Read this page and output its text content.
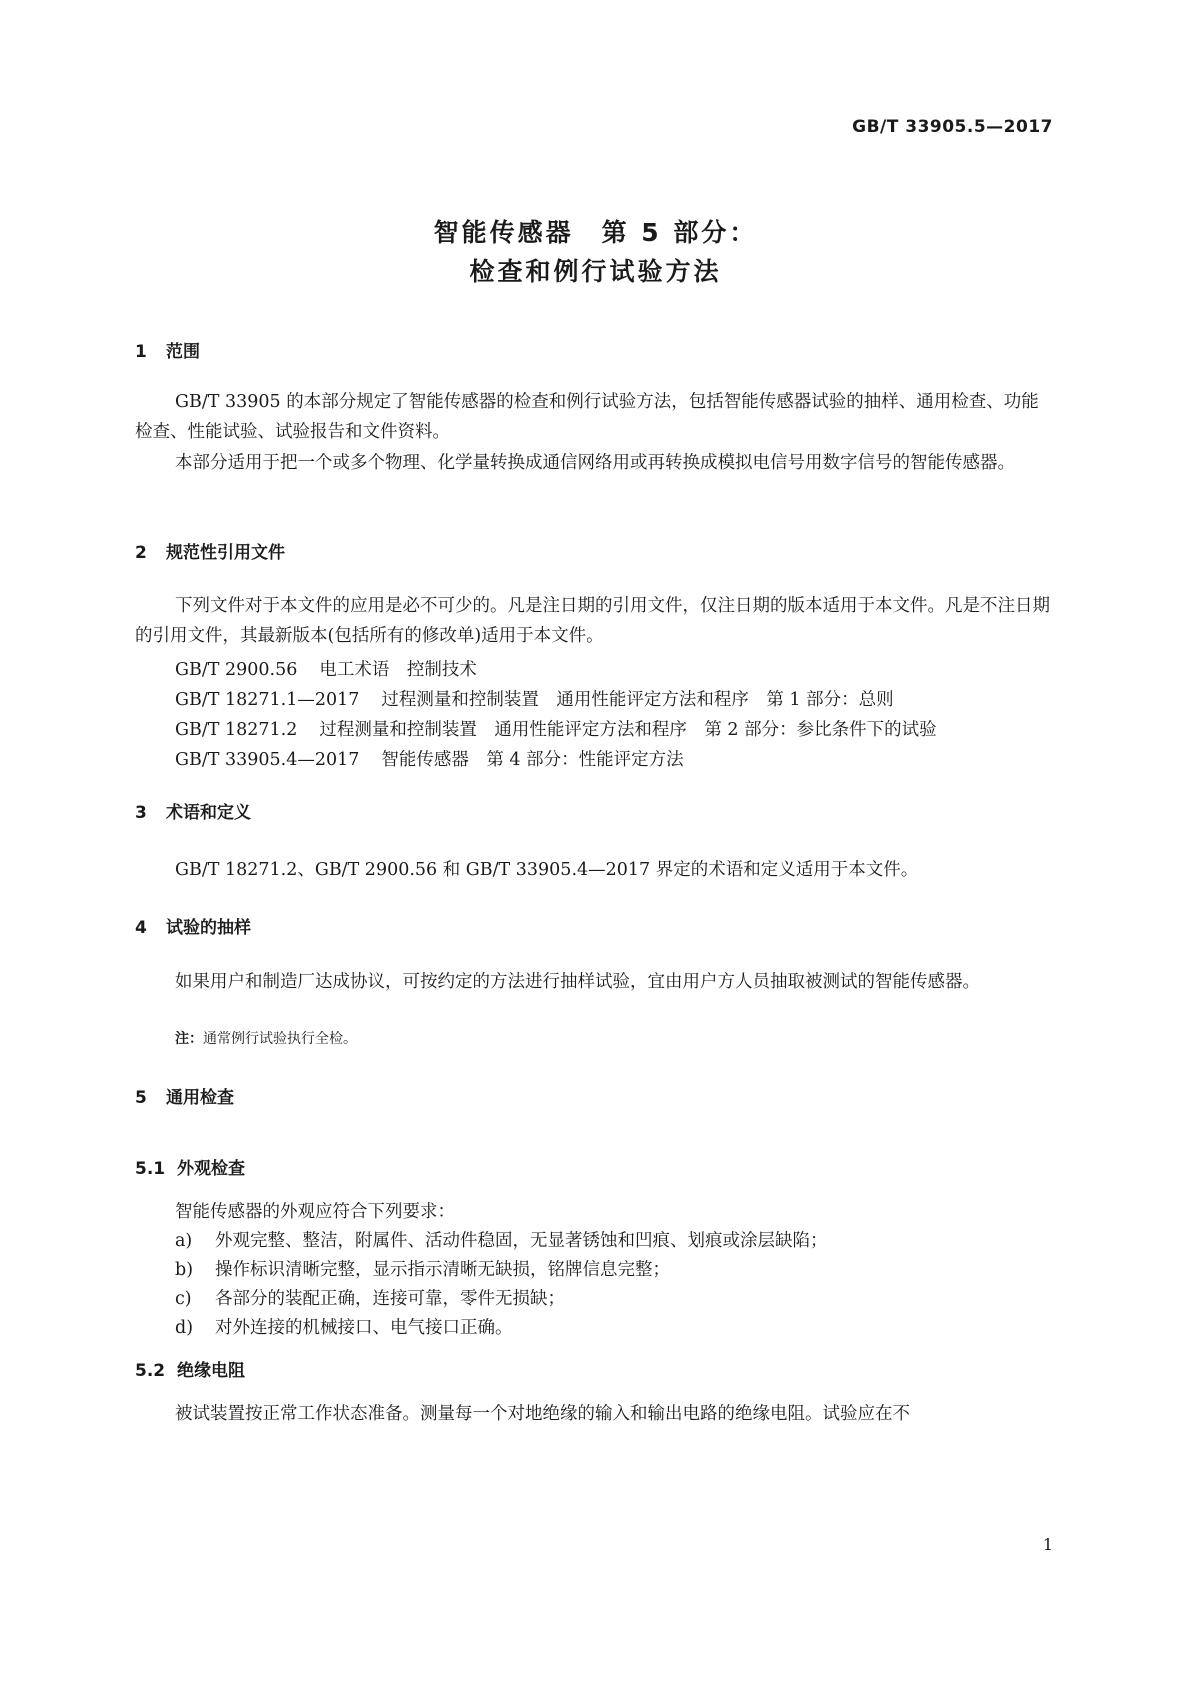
GB/T 33905.5—2017
智能传感器　第 5 部分：
检查和例行试验方法
1 范围
GB/T 33905 的本部分规定了智能传感器的检查和例行试验方法，包括智能传感器试验的抽样、通用检查、功能检查、性能试验、试验报告和文件资料。
本部分适用于把一个或多个物理、化学量转换成通信网络用或再转换成模拟电信号用数字信号的智能传感器。
2 规范性引用文件
下列文件对于本文件的应用是必不可少的。凡是注日期的引用文件，仅注日期的版本适用于本文件。凡是不注日期的引用文件，其最新版本(包括所有的修改单)适用于本文件。
GB/T 2900.56 电工术语　控制技术
GB/T 18271.1—2017 过程测量和控制装置　通用性能评定方法和程序　第 1 部分：总则
GB/T 18271.2 过程测量和控制装置　通用性能评定方法和程序　第 2 部分：参比条件下的试验
GB/T 33905.4—2017 智能传感器　第 4 部分：性能评定方法
3 术语和定义
GB/T 18271.2、GB/T 2900.56 和 GB/T 33905.4—2017 界定的术语和定义适用于本文件。
4 试验的抽样
如果用户和制造厂达成协议，可按约定的方法进行抽样试验，宜由用户方人员抽取被测试的智能传感器。
注：通常例行试验执行全检。
5 通用检查
5.1 外观检查
智能传感器的外观应符合下列要求：
a) 外观完整、整洁，附属件、活动件稳固，无显著锈蚀和凹痕、划痕或涂层缺陷；
b) 操作标识清晰完整，显示指示清晰无缺损，铭牌信息完整；
c) 各部分的装配正确，连接可靠，零件无损缺；
d) 对外连接的机械接口、电气接口正确。
5.2 绝缘电阻
被试装置按正常工作状态准备。测量每一个对地绝缘的输入和输出电路的绝缘电阻。试验应在不
1
